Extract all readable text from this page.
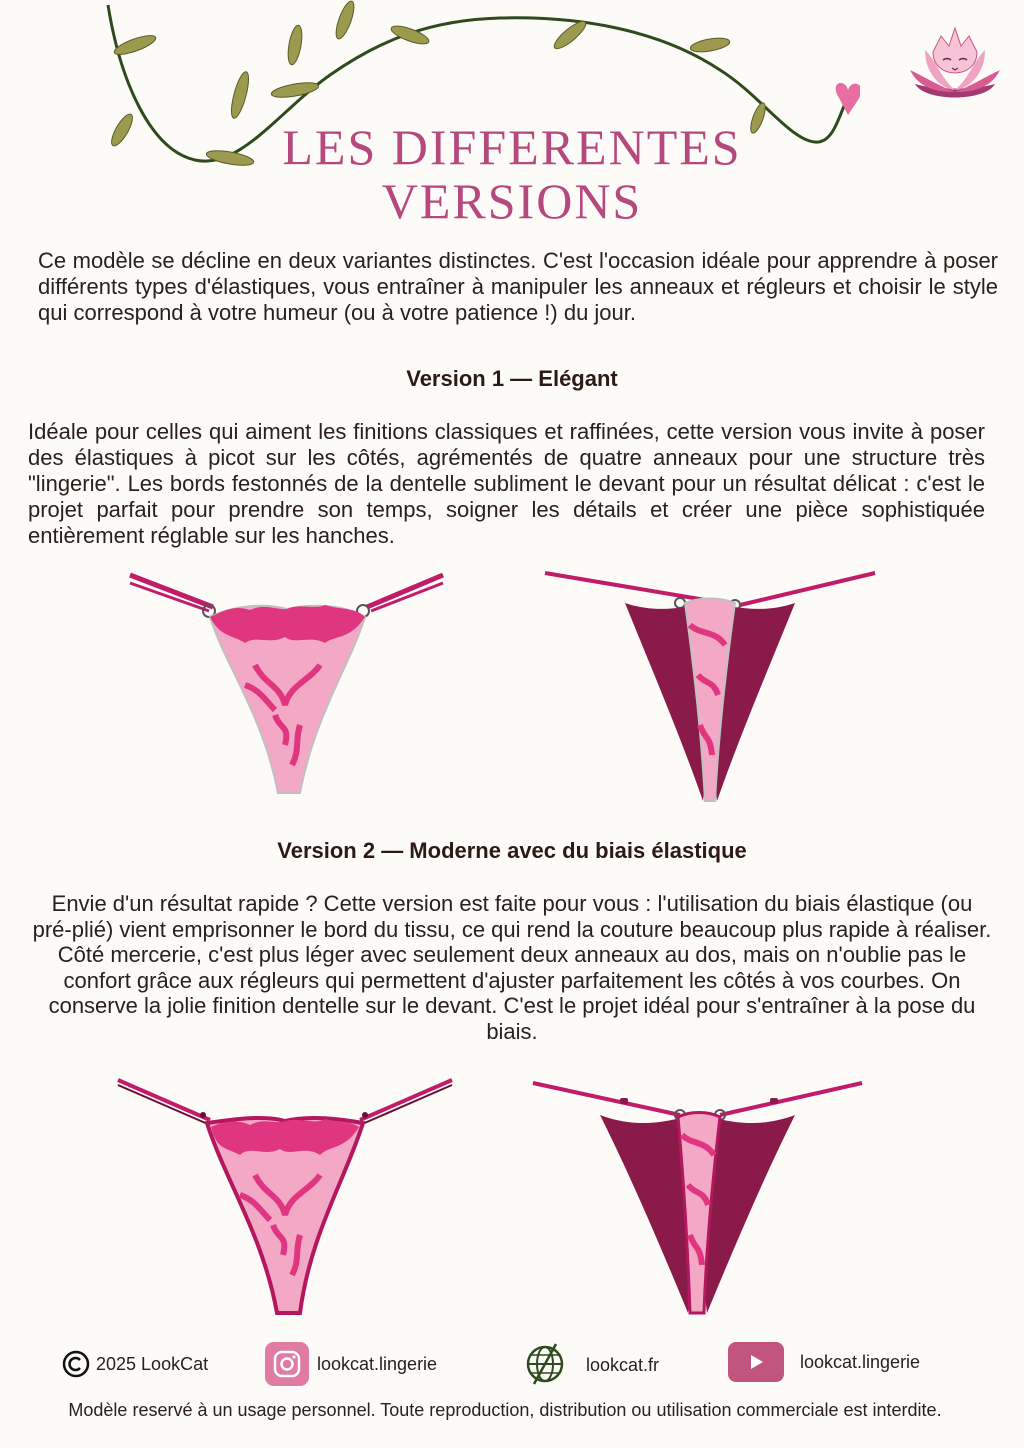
LES DIFFERENTES
VERSIONS
Ce modèle se décline en deux variantes distinctes. C'est l'occasion idéale pour apprendre à poser différents types d'élastiques, vous entraîner à manipuler les anneaux et régleurs et choisir le style qui correspond à votre humeur (ou à votre patience !) du jour.
Version 1 — Elégant
Idéale pour celles qui aiment les finitions classiques et raffinées, cette version vous invite à poser des élastiques à picot sur les côtés, agrémentés de quatre anneaux pour une structure très "lingerie". Les bords festonnés de la dentelle subliment le devant pour un résultat délicat : c'est le projet parfait pour prendre son temps, soigner les détails et créer une pièce sophistiquée entièrement réglable sur les hanches.
Version 2 — Moderne avec du biais élastique
Envie d'un résultat rapide ? Cette version est faite pour vous : l'utilisation du biais élastique (ou pré-plié) vient emprisonner le bord du tissu, ce qui rend la couture beaucoup plus rapide à réaliser. Côté mercerie, c'est plus léger avec seulement deux anneaux au dos, mais on n'oublie pas le confort grâce aux régleurs qui permettent d'ajuster parfaitement les côtés à vos courbes. On conserve la jolie finition dentelle sur le devant. C'est le projet idéal pour s'entraîner à la pose du biais.
2025 LookCat	lookcat.lingerie	lookcat.fr	lookcat.lingerie
Modèle reservé à un usage personnel. Toute reproduction, distribution ou utilisation commerciale est interdite.
